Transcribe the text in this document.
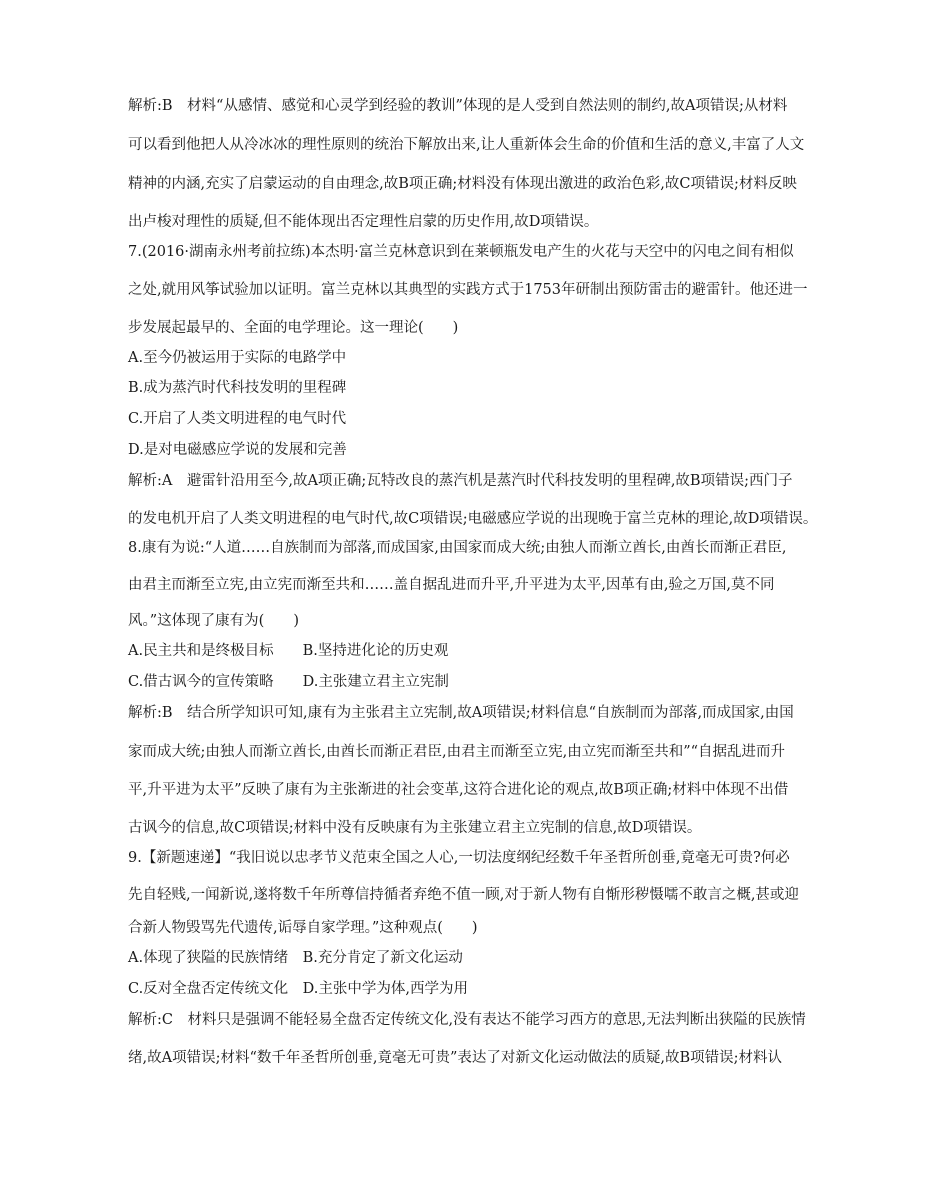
解析:B　材料“从感情、感觉和心灵学到经验的教训”体现的是人受到自然法则的制约,故A项错误;从材料

可以看到他把人从冷冰冰的理性原则的统治下解放出来,让人重新体会生命的价值和生活的意义,丰富了人文

精神的内涵,充实了启蒙运动的自由理念,故B项正确;材料没有体现出激进的政治色彩,故C项错误;材料反映

出卢梭对理性的质疑,但不能体现出否定理性启蒙的历史作用,故D项错误。

7.(2016·湖南永州考前拉练)本杰明·富兰克林意识到在莱顿瓶发电产生的火花与天空中的闪电之间有相似

之处,就用风筝试验加以证明。富兰克林以其典型的实践方式于1753年研制出预防雷击的避雷针。他还进一

步发展起最早的、全面的电学理论。这一理论(　　)

A.至今仍被运用于实际的电路学中

B.成为蒸汽时代科技发明的里程碑

C.开启了人类文明进程的电气时代

D.是对电磁感应学说的发展和完善

解析:A　避雷针沿用至今,故A项正确;瓦特改良的蒸汽机是蒸汽时代科技发明的里程碑,故B项错误;西门子

的发电机开启了人类文明进程的电气时代,故C项错误;电磁感应学说的出现晚于富兰克林的理论,故D项错误。

8.康有为说:“人道……自族制而为部落,而成国家,由国家而成大统;由独人而渐立酋长,由酋长而渐正君臣,

由君主而渐至立宪,由立宪而渐至共和……盖自据乱进而升平,升平进为太平,因革有由,验之万国,莫不同

风。”这体现了康有为(　　)

A.民主共和是终极目标　　B.坚持进化论的历史观

C.借古讽今的宣传策略　　D.主张建立君主立宪制

解析:B　结合所学知识可知,康有为主张君主立宪制,故A项错误;材料信息“自族制而为部落,而成国家,由国

家而成大统;由独人而渐立酋长,由酋长而渐正君臣,由君主而渐至立宪,由立宪而渐至共和”“自据乱进而升

平,升平进为太平”反映了康有为主张渐进的社会变革,这符合进化论的观点,故B项正确;材料中体现不出借

古讽今的信息,故C项错误;材料中没有反映康有为主张建立君主立宪制的信息,故D项错误。

9.【新题速递】“我旧说以忠孝节义范束全国之人心,一切法度纲纪经数千年圣哲所创垂,竟毫无可贵?何必

先自轻贱,一闻新说,遂将数千年所尊信持循者弃绝不值一顾,对于新人物有自惭形秽慑嚅不敢言之概,甚或迎

合新人物毁骂先代遗传,诟辱自家学理。”这种观点(　　)

A.体现了狭隘的民族情绪　B.充分肯定了新文化运动

C.反对全盘否定传统文化　D.主张中学为体,西学为用

解析:C　材料只是强调不能轻易全盘否定传统文化,没有表达不能学习西方的意思,无法判断出狭隘的民族情

绪,故A项错误;材料“数千年圣哲所创垂,竟毫无可贵”表达了对新文化运动做法的质疑,故B项错误;材料认
